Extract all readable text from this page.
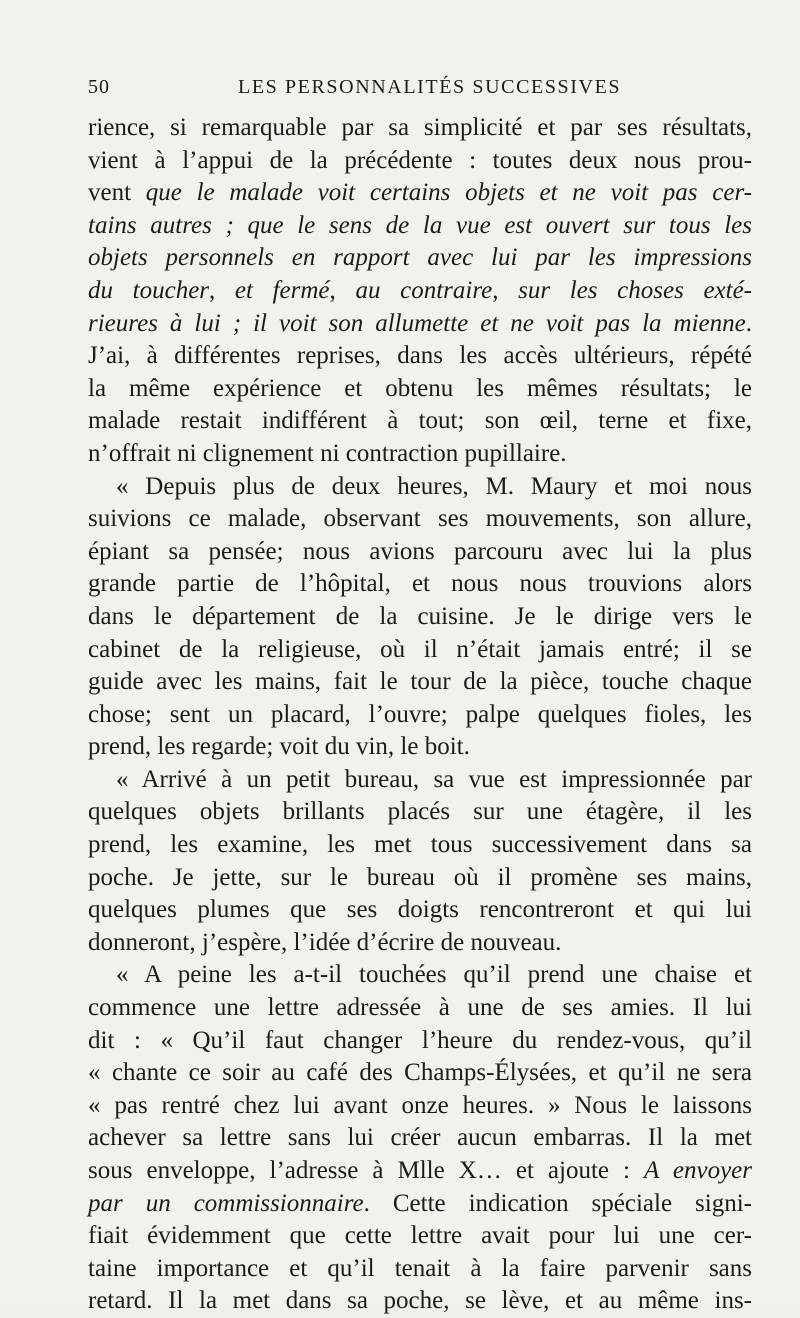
50	LES PERSONNALITÉS SUCCESSIVES
rience, si remarquable par sa simplicité et par ses résultats,
vient à l’appui de la précédente : toutes deux nous prou-
vent que le malade voit certains objets et ne voit pas cer-
tains autres ; que le sens de la vue est ouvert sur tous les
objets personnels en rapport avec lui par les impressions
du toucher, et fermé, au contraire, sur les choses exté-
rieures à lui ; il voit son allumette et ne voit pas la mienne.
J’ai, à différentes reprises, dans les accès ultérieurs, répété
la même expérience et obtenu les mêmes résultats; le
malade restait indifférent à tout; son œil, terne et fixe,
n’offrait ni clignement ni contraction pupillaire.
« Depuis plus de deux heures, M. Maury et moi nous
suivions ce malade, observant ses mouvements, son allure,
épiant sa pensée; nous avions parcouru avec lui la plus
grande partie de l’hôpital, et nous nous trouvions alors
dans le département de la cuisine. Je le dirige vers le
cabinet de la religieuse, où il n’était jamais entré; il se
guide avec les mains, fait le tour de la pièce, touche chaque
chose; sent un placard, l’ouvre; palpe quelques fioles, les
prend, les regarde; voit du vin, le boit.
« Arrivé à un petit bureau, sa vue est impressionnée par
quelques objets brillants placés sur une étagère, il les
prend, les examine, les met tous successivement dans sa
poche. Je jette, sur le bureau où il promène ses mains,
quelques plumes que ses doigts rencontreront et qui lui
donneront, j’espère, l’idée d’écrire de nouveau.
« A peine les a-t-il touchées qu’il prend une chaise et
commence une lettre adressée à une de ses amies. Il lui
dit : « Qu’il faut changer l’heure du rendez-vous, qu’il
« chante ce soir au café des Champs-Élysées, et qu’il ne sera
« pas rentré chez lui avant onze heures. » Nous le laissons
achever sa lettre sans lui créer aucun embarras. Il la met
sous enveloppe, l’adresse à Mlle X… et ajoute : A envoyer
par un commissionnaire. Cette indication spéciale signi-
fiait évidemment que cette lettre avait pour lui une cer-
taine importance et qu’il tenait à la faire parvenir sans
retard. Il la met dans sa poche, se lève, et au même ins-
